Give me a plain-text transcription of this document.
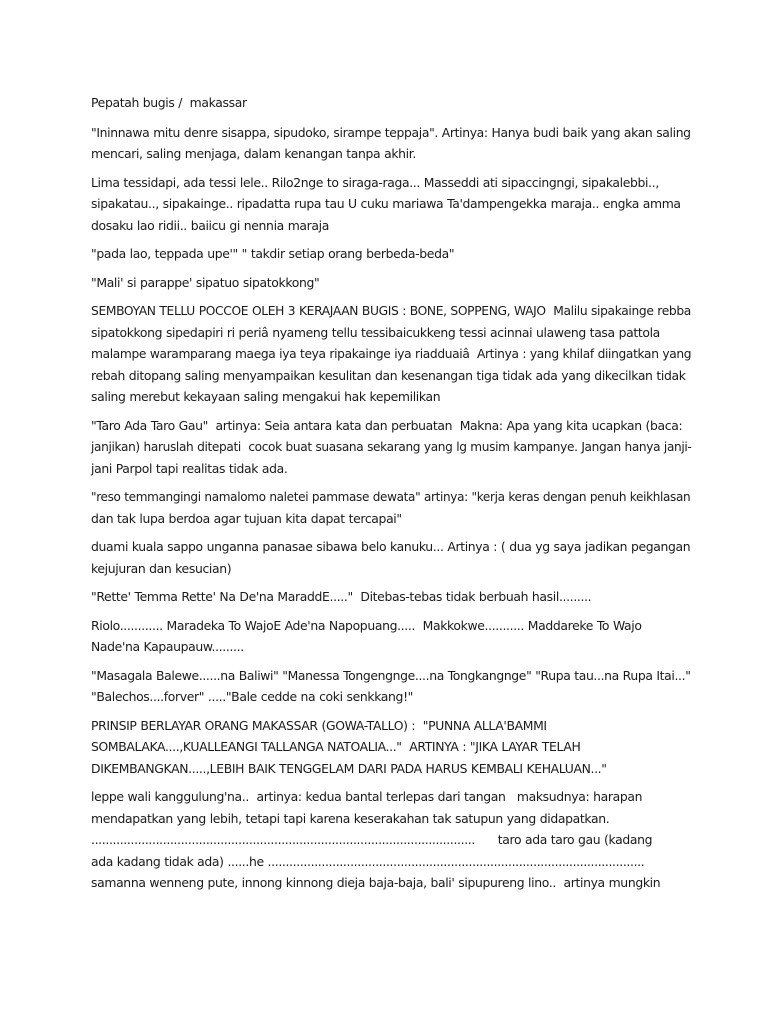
Pepatah bugis /  makassar
"Ininnawa mitu denre sisappa, sipudoko, sirampe teppaja". Artinya: Hanya budi baik yang akan saling
mencari, saling menjaga, dalam kenangan tanpa akhir.
Lima tessidapi, ada tessi lele.. Rilo2nge to siraga-raga... Masseddi ati sipaccingngi, sipakalebbi..,
sipakatau.., sipakainge.. ripadatta rupa tau U cuku mariawa Ta'dampengekka maraja.. engka amma
dosaku lao ridii.. baiicu gi nennia maraja
"pada lao, teppada upe'" " takdir setiap orang berbeda-beda"
"Mali' si parappe' sipatuo sipatokkong"
SEMBOYAN TELLU POCCOE OLEH 3 KERAJAAN BUGIS : BONE, SOPPENG, WAJO  Malilu sipakainge rebba
sipatokkong sipedapiri ri periâ nyameng tellu tessibaicukkeng tessi acinnai ulaweng tasa pattola
malampe waramparang maega iya teya ripakainge iya riadduaiâ  Artinya : yang khilaf diingatkan yang
rebah ditopang saling menyampaikan kesulitan dan kesenangan tiga tidak ada yang dikecilkan tidak
saling merebut kekayaan saling mengakui hak kepemilikan
"Taro Ada Taro Gau"  artinya: Seia antara kata dan perbuatan  Makna: Apa yang kita ucapkan (baca:
janjikan) haruslah ditepati  cocok buat suasana sekarang yang lg musim kampanye. Jangan hanya janji-
jani Parpol tapi realitas tidak ada.
"reso temmangingi namalomo naletei pammase dewata" artinya: "kerja keras dengan penuh keikhlasan
dan tak lupa berdoa agar tujuan kita dapat tercapai"
duami kuala sappo unganna panasae sibawa belo kanuku... Artinya : ( dua yg saya jadikan pegangan
kejujuran dan kesucian)
"Rette' Temma Rette' Na De'na MaraddE....."  Ditebas-tebas tidak berbuah hasil.........
Riolo............ Maradeka To WajoE Ade'na Napopuang.....  Makkokwe........... Maddareke To Wajo
Nade'na Kapaupauw.........
"Masagala Balewe......na Baliwi" "Manessa Tongengnge....na Tongkangnge" "Rupa tau...na Rupa Itai..."
"Balechos....forver" ....."Bale cedde na coki senkkang!"
PRINSIP BERLAYAR ORANG MAKASSAR (GOWA-TALLO) :  "PUNNA ALLA'BAMMI
SOMBALAKA....,KUALLEANGI TALLANGA NATOALIA..."  ARTINYA : "JIKA LAYAR TELAH
DIKEMBANGKAN.....,LEBIH BAIK TENGGELAM DARI PADA HARUS KEMBALI KEHALUAN..."
leppe wali kanggulung'na..  artinya: kedua bantal terlepas dari tangan   maksudnya: harapan
mendapatkan yang lebih, tetapi tapi karena keserakahan tak satupun yang didapatkan.
...........................................................................................................      taro ada taro gau (kadang
ada kadang tidak ada) ......he .........................................................................................................
samanna wenneng pute, innong kinnong dieja baja-baja, bali' sipupureng lino..  artinya mungkin
